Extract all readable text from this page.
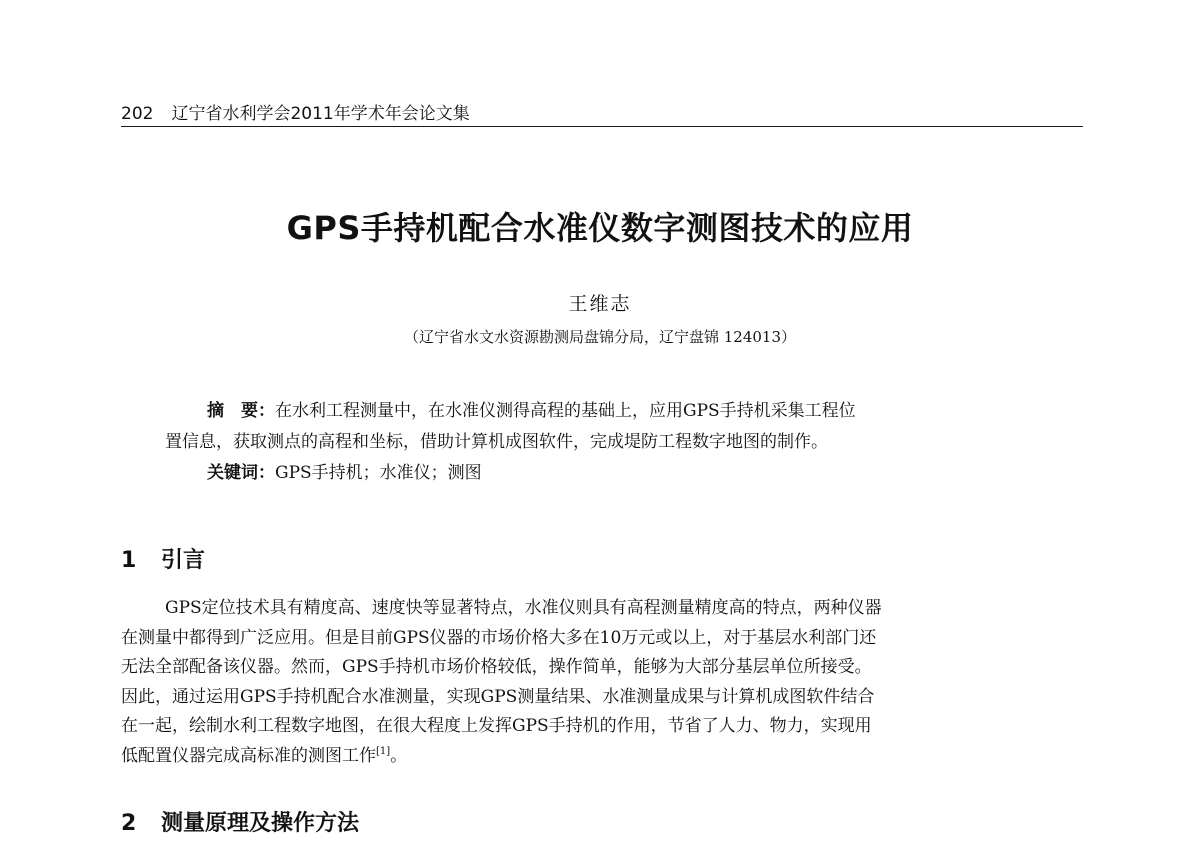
202 辽宁省水利学会2011年学术年会论文集
GPS手持机配合水准仪数字测图技术的应用
王维志
（辽宁省水文水资源勘测局盘锦分局，辽宁盘锦 124013）
摘　要：在水利工程测量中，在水准仪测得高程的基础上，应用GPS手持机采集工程位
置信息，获取测点的高程和坐标，借助计算机成图软件，完成堤防工程数字地图的制作。
关键词：GPS手持机；水准仪；测图
1 引言
GPS定位技术具有精度高、速度快等显著特点，水准仪则具有高程测量精度高的特点，两种仪器
在测量中都得到广泛应用。但是目前GPS仪器的市场价格大多在10万元或以上，对于基层水利部门还
无法全部配备该仪器。然而，GPS手持机市场价格较低，操作简单，能够为大部分基层单位所接受。
因此，通过运用GPS手持机配合水准测量，实现GPS测量结果、水准测量成果与计算机成图软件结合
在一起，绘制水利工程数字地图，在很大程度上发挥GPS手持机的作用，节省了人力、物力，实现用
低配置仪器完成高标准的测图工作[1]。
2 测量原理及操作方法
